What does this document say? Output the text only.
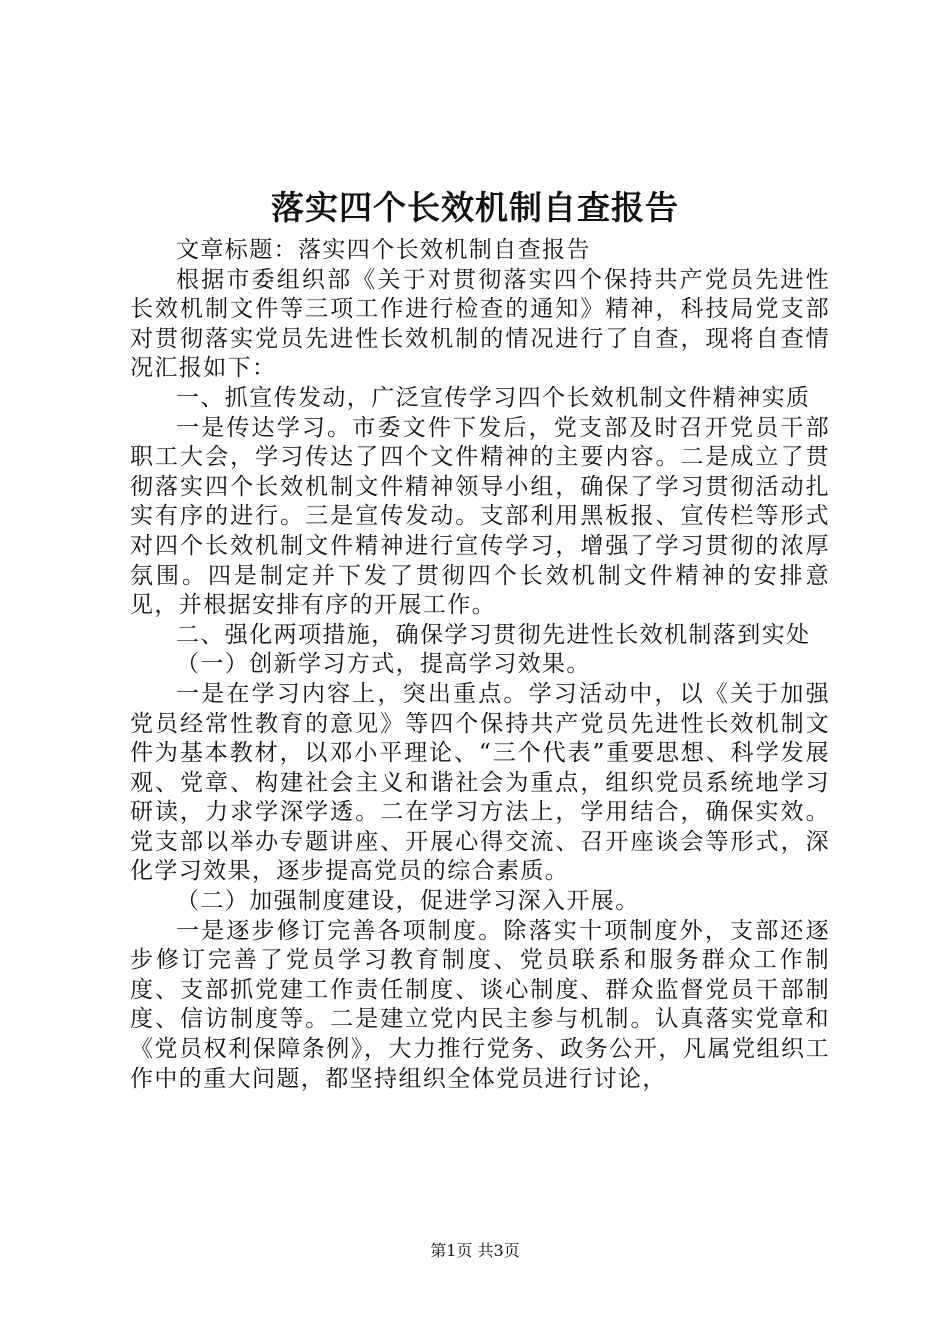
落实四个长效机制自查报告

文章标题：落实四个长效机制自查报告

根据市委组织部《关于对贯彻落实四个保持共产党员先进性长效机制文件等三项工作进行检查的通知》精神，科技局党支部对贯彻落实党员先进性长效机制的情况进行了自查，现将自查情况汇报如下：

一、抓宣传发动，广泛宣传学习四个长效机制文件精神实质

一是传达学习。市委文件下发后，党支部及时召开党员干部职工大会，学习传达了四个文件精神的主要内容。二是成立了贯彻落实四个长效机制文件精神领导小组，确保了学习贯彻活动扎实有序的进行。三是宣传发动。支部利用黑板报、宣传栏等形式对四个长效机制文件精神进行宣传学习，增强了学习贯彻的浓厚氛围。四是制定并下发了贯彻四个长效机制文件精神的安排意见，并根据安排有序的开展工作。

二、强化两项措施，确保学习贯彻先进性长效机制落到实处

（一）创新学习方式，提高学习效果。

一是在学习内容上，突出重点。学习活动中，以《关于加强党员经常性教育的意见》等四个保持共产党员先进性长效机制文件为基本教材，以邓小平理论、“三个代表”重要思想、科学发展观、党章、构建社会主义和谐社会为重点，组织党员系统地学习研读，力求学深学透。二在学习方法上，学用结合，确保实效。党支部以举办专题讲座、开展心得交流、召开座谈会等形式，深化学习效果，逐步提高党员的综合素质。

（二）加强制度建设，促进学习深入开展。

一是逐步修订完善各项制度。除落实十项制度外，支部还逐步修订完善了党员学习教育制度、党员联系和服务群众工作制度、支部抓党建工作责任制度、谈心制度、群众监督党员干部制度、信访制度等。二是建立党内民主参与机制。认真落实党章和《党员权利保障条例》，大力推行党务、政务公开，凡属党组织工作中的重大问题，都坚持组织全体党员进行讨论，

第1页 共3页
